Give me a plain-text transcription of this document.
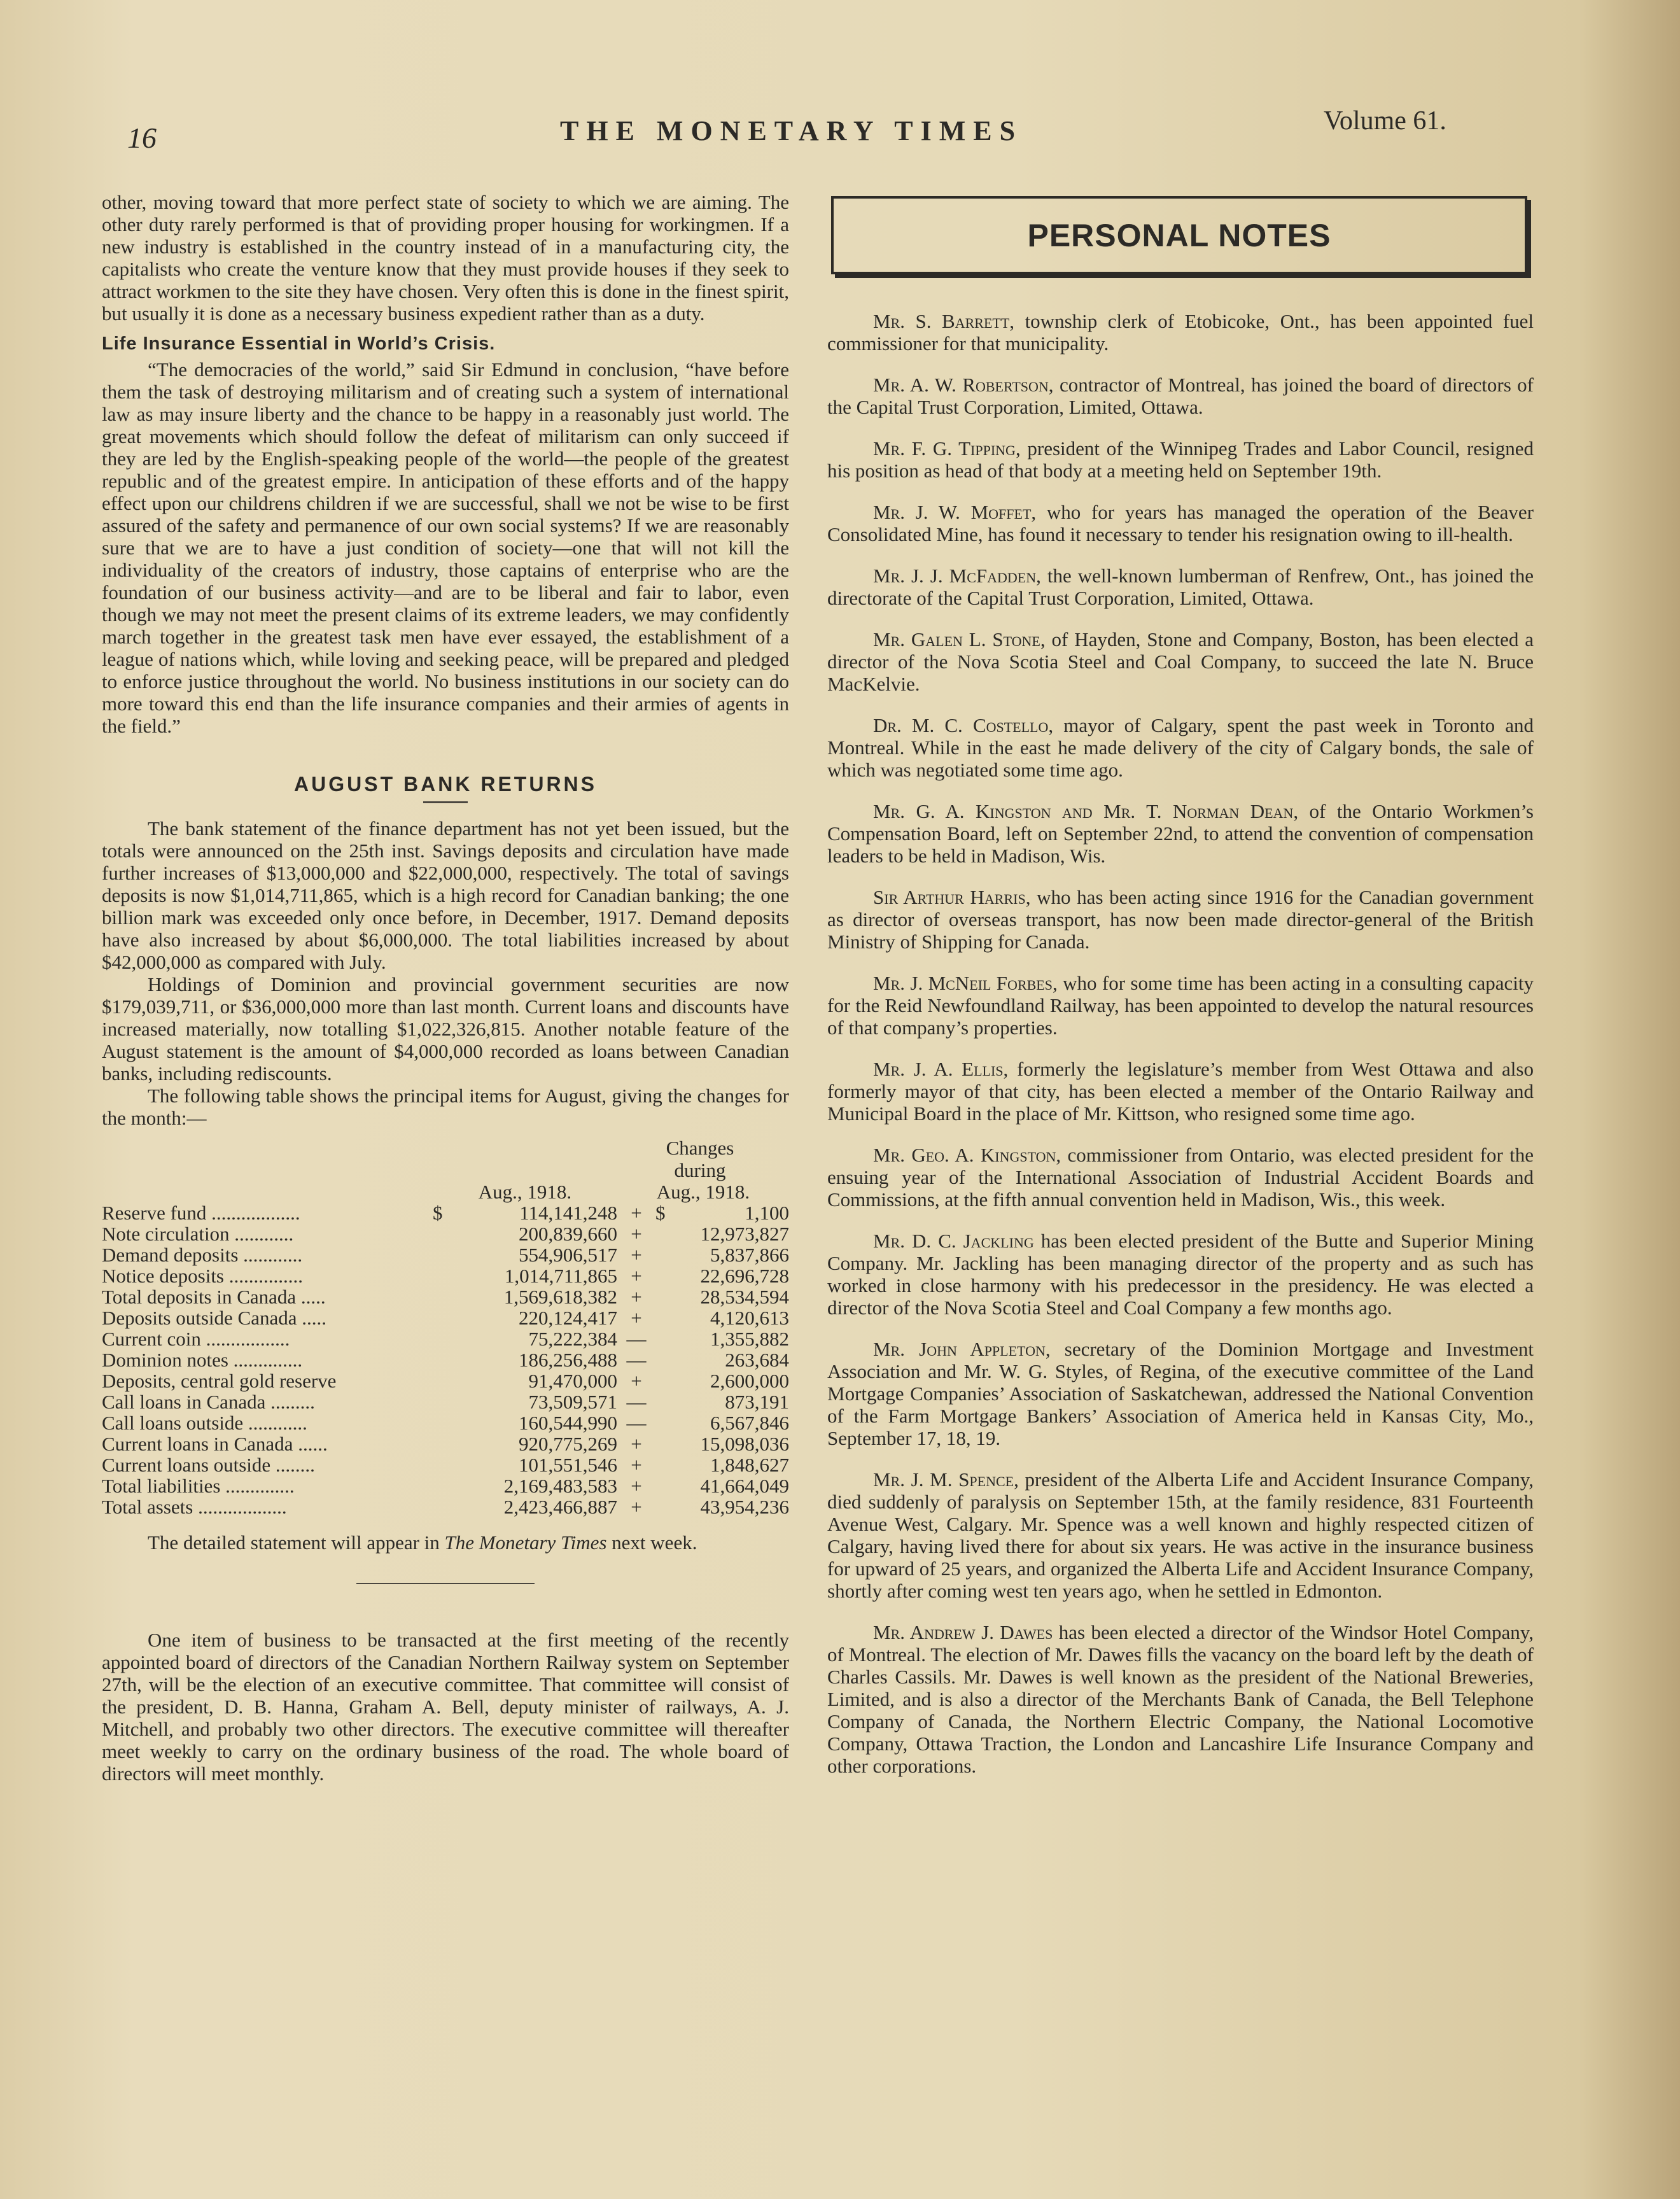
16	THE MONETARY TIMES	Volume 61.

other, moving toward that more perfect state of society to which we are aiming. The other duty rarely performed is that of providing proper housing for workingmen. If a new industry is established in the country instead of in a manufacturing city, the capitalists who create the venture know that they must provide houses if they seek to attract workmen to the site they have chosen. Very often this is done in the finest spirit, but usually it is done as a necessary business expedient rather than as a duty.

Life Insurance Essential in World’s Crisis.

“The democracies of the world,” said Sir Edmund in conclusion, “have before them the task of destroying militarism and of creating such a system of international law as may insure liberty and the chance to be happy in a reasonably just world. The great movements which should follow the defeat of militarism can only succeed if they are led by the English-speaking people of the world—the people of the greatest republic and of the greatest empire. In anticipation of these efforts and of the happy effect upon our childrens children if we are successful, shall we not be wise to be first assured of the safety and permanence of our own social systems? If we are reasonably sure that we are to have a just condition of society—one that will not kill the individuality of the creators of industry, those captains of enterprise who are the foundation of our business activity—and are to be liberal and fair to labor, even though we may not meet the present claims of its extreme leaders, we may confidently march together in the greatest task men have ever essayed, the establishment of a league of nations which, while loving and seeking peace, will be prepared and pledged to enforce justice throughout the world. No business institutions in our society can do more toward this end than the life insurance companies and their armies of agents in the field.”

AUGUST BANK RETURNS

The bank statement of the finance department has not yet been issued, but the totals were announced on the 25th inst. Savings deposits and circulation have made further increases of $13,000,000 and $22,000,000, respectively. The total of savings deposits is now $1,014,711,865, which is a high record for Canadian banking; the one billion mark was exceeded only once before, in December, 1917. Demand deposits have also increased by about $6,000,000. The total liabilities increased by about $42,000,000 as compared with July.

Holdings of Dominion and provincial government securities are now $179,039,711, or $36,000,000 more than last month. Current loans and discounts have increased materially, now totalling $1,022,326,815. Another notable feature of the August statement is the amount of $4,000,000 recorded as loans between Canadian banks, including rediscounts.

The following table shows the principal items for August, giving the changes for the month:—

Changes
during
	Aug., 1918.		Aug., 1918.		
Reserve fund ..................	$	114,141,248	+	$	1,100
Note circulation ............		200,839,660	+		12,973,827
Demand deposits ............		554,906,517	+		5,837,866
Notice deposits ...............		1,014,711,865	+		22,696,728
Total deposits in Canada .....		1,569,618,382	+		28,534,594
Deposits outside Canada .....		220,124,417	+		4,120,613
Current coin .................		75,222,384	—		1,355,882
Dominion notes ..............		186,256,488	—		263,684
Deposits, central gold reserve		91,470,000	+		2,600,000
Call loans in Canada .........		73,509,571	—		873,191
Call loans outside ............		160,544,990	—		6,567,846
Current loans in Canada ......		920,775,269	+		15,098,036
Current loans outside ........		101,551,546	+		1,848,627
Total liabilities ..............		2,169,483,583	+		41,664,049
Total assets ..................		2,423,466,887	+		43,954,236

The detailed statement will appear in The Monetary Times next week.

One item of business to be transacted at the first meeting of the recently appointed board of directors of the Canadian Northern Railway system on September 27th, will be the election of an executive committee. That committee will consist of the president, D. B. Hanna, Graham A. Bell, deputy minister of railways, A. J. Mitchell, and probably two other directors. The executive committee will thereafter meet weekly to carry on the ordinary business of the road. The whole board of directors will meet monthly.

PERSONAL NOTES

Mr. S. Barrett, township clerk of Etobicoke, Ont., has been appointed fuel commissioner for that municipality.

Mr. A. W. Robertson, contractor of Montreal, has joined the board of directors of the Capital Trust Corporation, Limited, Ottawa.

Mr. F. G. Tipping, president of the Winnipeg Trades and Labor Council, resigned his position as head of that body at a meeting held on September 19th.

Mr. J. W. Moffet, who for years has managed the operation of the Beaver Consolidated Mine, has found it necessary to tender his resignation owing to ill-health.

Mr. J. J. McFadden, the well-known lumberman of Renfrew, Ont., has joined the directorate of the Capital Trust Corporation, Limited, Ottawa.

Mr. Galen L. Stone, of Hayden, Stone and Company, Boston, has been elected a director of the Nova Scotia Steel and Coal Company, to succeed the late N. Bruce MacKelvie.

Dr. M. C. Costello, mayor of Calgary, spent the past week in Toronto and Montreal. While in the east he made delivery of the city of Calgary bonds, the sale of which was negotiated some time ago.

Mr. G. A. Kingston and Mr. T. Norman Dean, of the Ontario Workmen’s Compensation Board, left on September 22nd, to attend the convention of compensation leaders to be held in Madison, Wis.

Sir Arthur Harris, who has been acting since 1916 for the Canadian government as director of overseas transport, has now been made director-general of the British Ministry of Shipping for Canada.

Mr. J. McNeil Forbes, who for some time has been acting in a consulting capacity for the Reid Newfoundland Railway, has been appointed to develop the natural resources of that company’s properties.

Mr. J. A. Ellis, formerly the legislature’s member from West Ottawa and also formerly mayor of that city, has been elected a member of the Ontario Railway and Municipal Board in the place of Mr. Kittson, who resigned some time ago.

Mr. Geo. A. Kingston, commissioner from Ontario, was elected president for the ensuing year of the International Association of Industrial Accident Boards and Commissions, at the fifth annual convention held in Madison, Wis., this week.

Mr. D. C. Jackling has been elected president of the Butte and Superior Mining Company. Mr. Jackling has been managing director of the property and as such has worked in close harmony with his predecessor in the presidency. He was elected a director of the Nova Scotia Steel and Coal Company a few months ago.

Mr. John Appleton, secretary of the Dominion Mortgage and Investment Association and Mr. W. G. Styles, of Regina, of the executive committee of the Land Mortgage Companies’ Association of Saskatchewan, addressed the National Convention of the Farm Mortgage Bankers’ Association of America held in Kansas City, Mo., September 17, 18, 19.

Mr. J. M. Spence, president of the Alberta Life and Accident Insurance Company, died suddenly of paralysis on September 15th, at the family residence, 831 Fourteenth Avenue West, Calgary. Mr. Spence was a well known and highly respected citizen of Calgary, having lived there for about six years. He was active in the insurance business for upward of 25 years, and organized the Alberta Life and Accident Insurance Company, shortly after coming west ten years ago, when he settled in Edmonton.

Mr. Andrew J. Dawes has been elected a director of the Windsor Hotel Company, of Montreal. The election of Mr. Dawes fills the vacancy on the board left by the death of Charles Cassils. Mr. Dawes is well known as the president of the National Breweries, Limited, and is also a director of the Merchants Bank of Canada, the Bell Telephone Company of Canada, the Northern Electric Company, the National Locomotive Company, Ottawa Traction, the London and Lancashire Life Insurance Company and other corporations.
